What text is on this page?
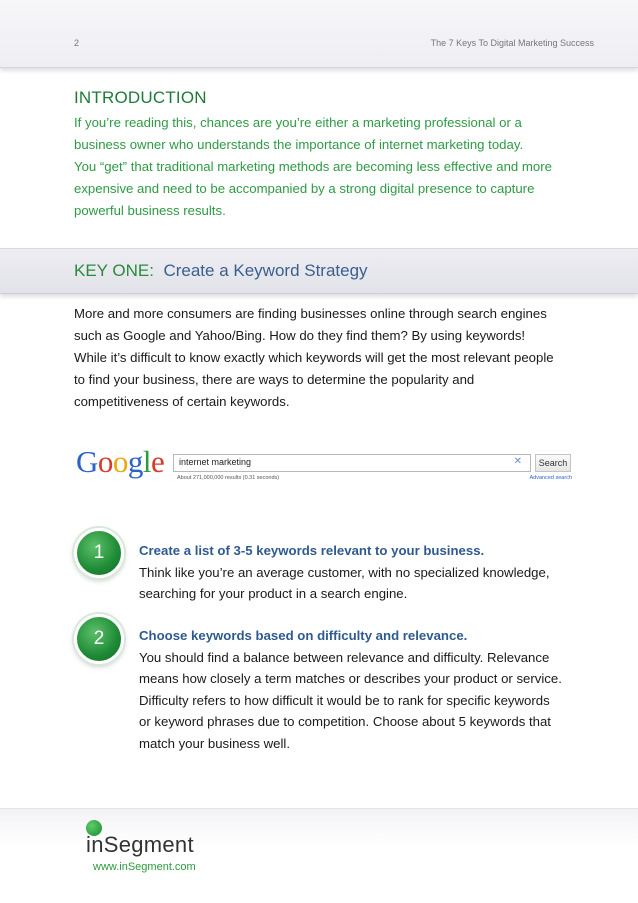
2	The 7 Keys To Digital Marketing Success
INTRODUCTION

If you’re reading this, chances are you’re either a marketing professional or a
business owner who understands the importance of internet marketing today.
You “get” that traditional marketing methods are becoming less effective and more
expensive and need to be accompanied by a strong digital presence to capture
powerful business results.

KEY ONE: Create a Keyword Strategy

More and more consumers are finding businesses online through search engines
such as Google and Yahoo/Bing. How do they find them? By using keywords!
While it’s difficult to know exactly which keywords will get the most relevant people
to find your business, there are ways to determine the popularity and
competitiveness of certain keywords.

Google internet marketing	✕	Search
About 271,000,000 results (0.31 seconds)	Advanced search
1	Create a list of 3-5 keywords relevant to your business.
Think like you’re an average customer, with no specialized knowledge,
searching for your product in a search engine.
2	Choose keywords based on difficulty and relevance.
You should find a balance between relevance and difficulty. Relevance
means how closely a term matches or describes your product or service.
Difficulty refers to how difficult it would be to rank for specific keywords
or keyword phrases due to competition. Choose about 5 keywords that
match your business well.
inSegment
www.inSegment.com
